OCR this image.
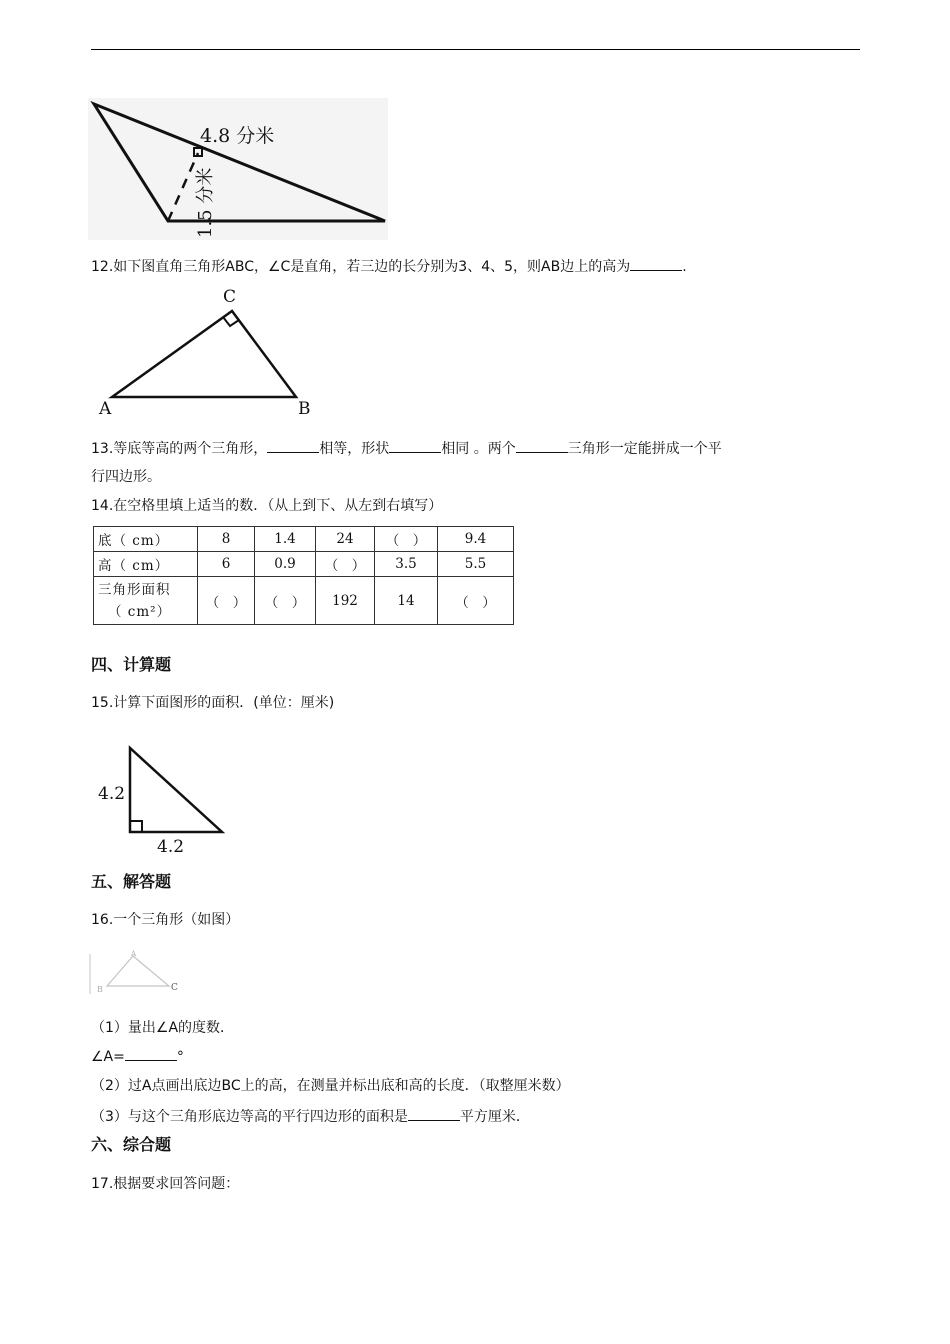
4.8 分米
1.5 分米
12.如下图直角三角形ABC，∠C是直角，若三边的长分别为3、4、5，则AB边上的高为	.
C
A	B
13.等底等高的两个三角形，	相等，形状	相同 。两个	三角形一定能拼成一个平
行四边形。
14.在空格里填上适当的数．（从上到下、从左到右填写）
底（ cm）	8	1.4	24	（　）	9.4
高（ cm）	6	0.9	（　）	3.5	5.5

三角形面积
（ cm²）	（　）	（　）	192	14	（　）
四、计算题
15.计算下面图形的面积．(单位：厘米)
4.2
4.2
五、解答题
16.一个三角形（如图）
A
B	C
（1）量出∠A的度数．
∠A=	°
（2）过A点画出底边BC上的高，在测量并标出底和高的长度．（取整厘米数）
（3）与这个三角形底边等高的平行四边形的面积是	平方厘米．
六、综合题
17.根据要求回答问题：
